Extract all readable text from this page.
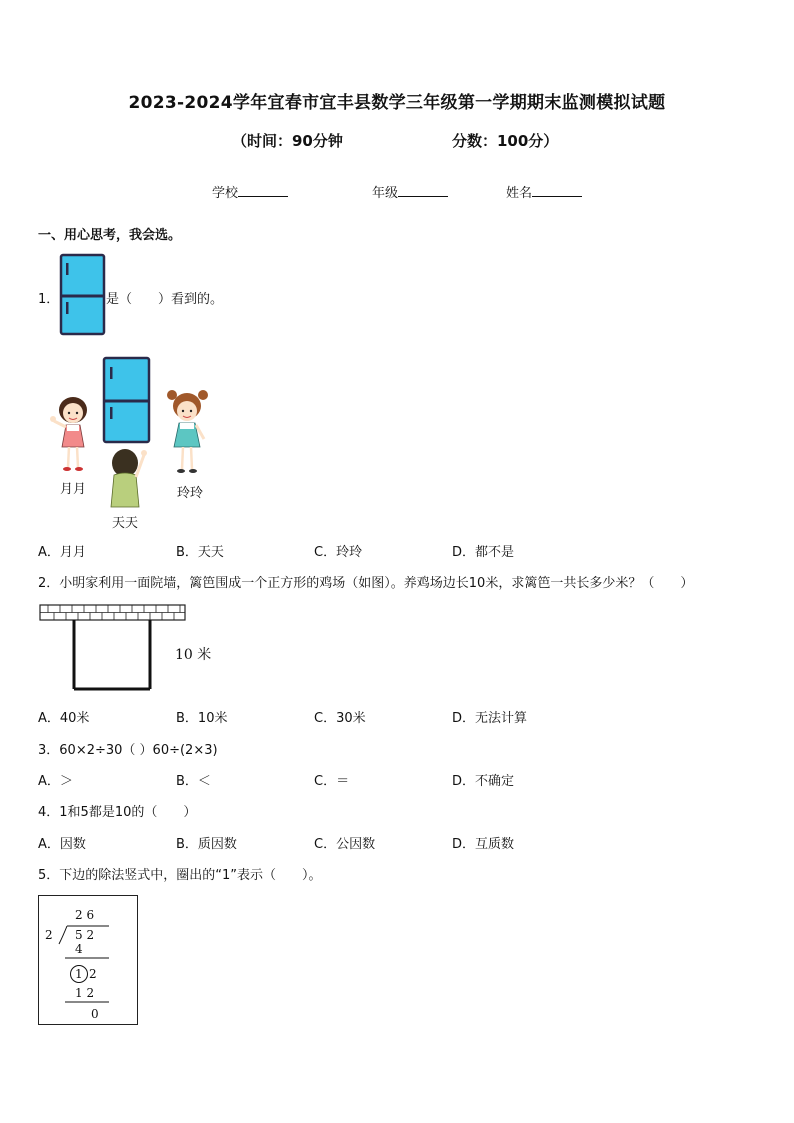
2023-2024学年宜春市宜丰县数学三年级第一学期期末监测模拟试题
（时间：90分钟	分数：100分）
学校	年级	姓名
一、用心思考，我会选。
1．	是（　　）看到的。
月月
天天
玲玲
A．月月	B．天天	C．玲玲	D．都不是
2．小明家利用一面院墙，篱笆围成一个正方形的鸡场（如图）。养鸡场边长10米，求篱笆一共长多少米？（　　）
10 米
A．40米	B．10米	C．30米	D．无法计算
3．60×2÷30（ ）60÷(2×3)
A．＞	B．＜	C．＝	D．不确定
4．1和5都是10的（　　）
A．因数	B．质因数	C．公因数	D．互质数
5．下边的除法竖式中，圈出的“1”表示（　　）。
2 6
2 5 2
4
1 2
1 2
0
